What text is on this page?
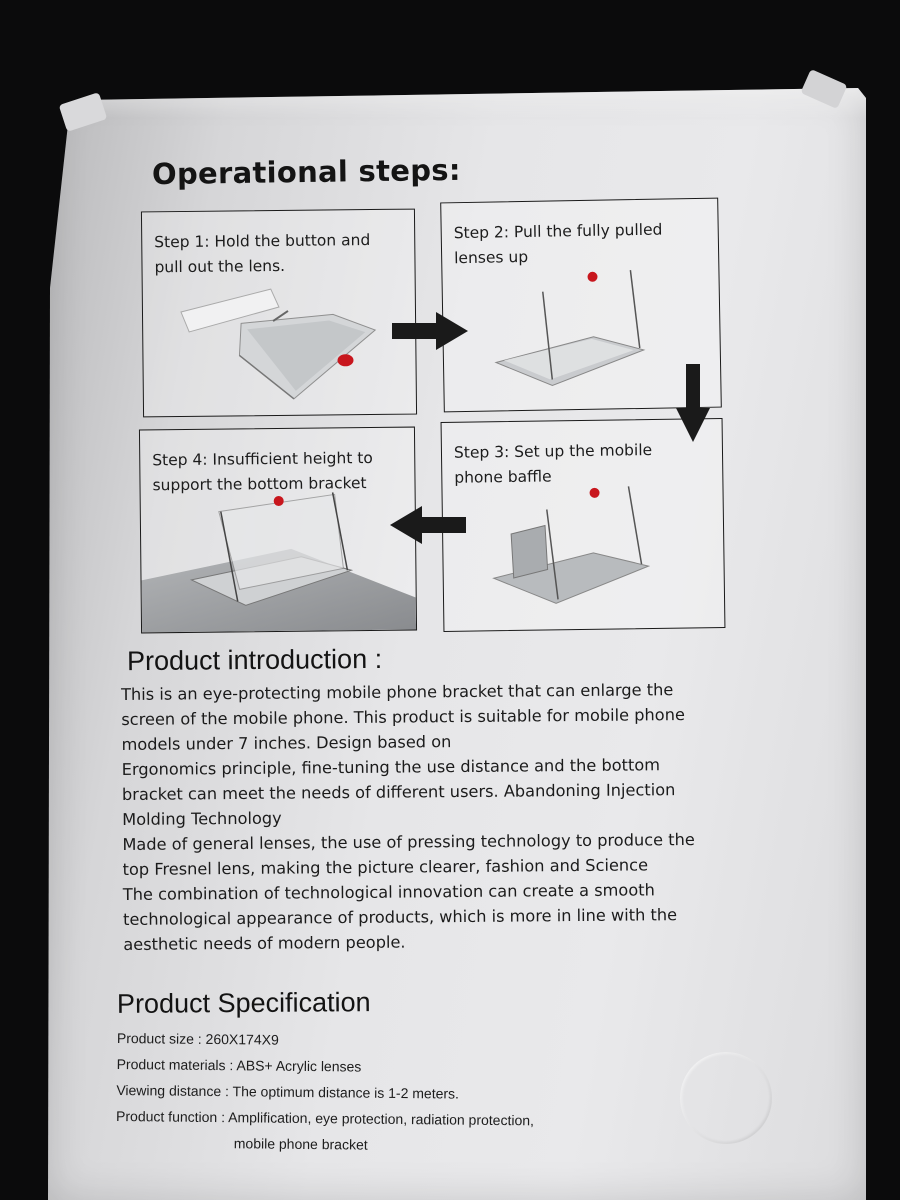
Operational steps:

Step 1: Hold the button and
pull out the lens.

Step 2: Pull the fully pulled
lenses up

Step 3: Set up the mobile
phone baffle

Step 4: Insufficient height to
support the bottom bracket

Product introduction :

This is an eye-protecting mobile phone bracket that can enlarge the

screen of the mobile phone. This product is suitable for mobile phone

models under 7 inches. Design based on

Ergonomics principle, fine-tuning the use distance and the bottom

bracket can meet the needs of different users. Abandoning Injection

Molding Technology

Made of general lenses, the use of pressing technology to produce the

top Fresnel lens, making the picture clearer, fashion and Science

The combination of technological innovation can create a smooth

technological appearance of products, which is more in line with the

aesthetic needs of modern people.

Product Specification
Product size : 260X174X9
Product materials : ABS+ Acrylic lenses
Viewing distance : The optimum distance is 1-2 meters.
Product function : Amplification, eye protection, radiation protection,
mobile phone bracket
